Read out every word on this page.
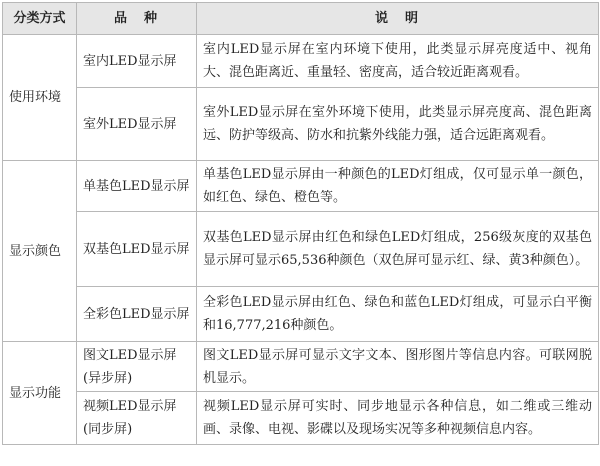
分类方式	品　种	说　明
使用环境	室内LED显示屏	室内LED显示屏在室内环境下使用，此类显示屏亮度适中、视角大、混色距离近、重量轻、密度高，适合较近距离观看。
	室外LED显示屏	室外LED显示屏在室外环境下使用，此类显示屏亮度高、混色距离远、防护等级高、防水和抗紫外线能力强，适合远距离观看。
显示颜色	单基色LED显示屏	单基色LED显示屏由一种颜色的LED灯组成，仅可显示单一颜色，如红色、绿色、橙色等。
	双基色LED显示屏	双基色LED显示屏由红色和绿色LED灯组成，256级灰度的双基色显示屏可显示65,536种颜色（双色屏可显示红、绿、黄3种颜色）。
	全彩色LED显示屏	全彩色LED显示屏由红色、绿色和蓝色LED灯组成，可显示白平衡和16,777,216种颜色。
显示功能	图文LED显示屏(异步屏)	图文LED显示屏可显示文字文本、图形图片等信息内容。可联网脱机显示。
	视频LED显示屏(同步屏)	视频LED显示屏可实时、同步地显示各种信息，如二维或三维动画、录像、电视、影碟以及现场实况等多种视频信息内容。
